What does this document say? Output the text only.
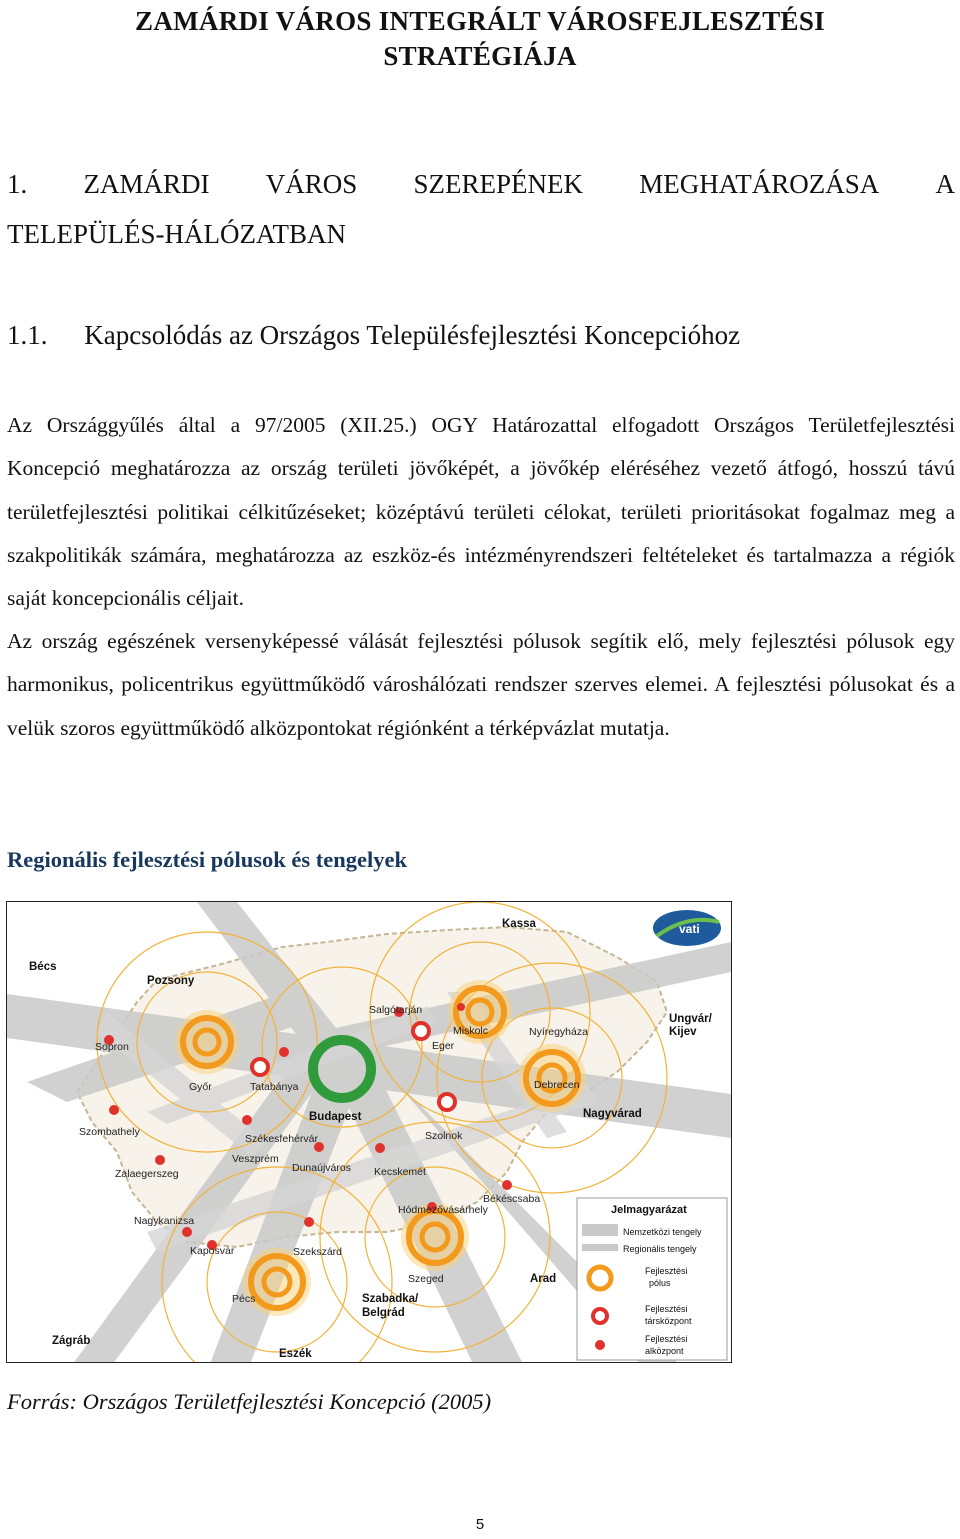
ZAMÁRDI VÁROS INTEGRÁLT VÁROSFEJLESZTÉSI
STRATÉGIÁJA
1. ZAMÁRDI VÁROS SZEREPÉNEK MEGHATÁROZÁSA A
TELEPÜLÉS-HÁLÓZATBAN
1.1. Kapcsolódás az Országos Településfejlesztési Koncepcióhoz
Az Országgyűlés által a 97/2005 (XII.25.) OGY Határozattal elfogadott Országos Területfejlesztési Koncepció meghatározza az ország területi jövőképét, a jövőkép eléréséhez vezető átfogó, hosszú távú területfejlesztési politikai célkitűzéseket; középtávú területi célokat, területi prioritásokat fogalmaz meg a szakpolitikák számára, meghatározza az eszköz-és intézményrendszeri feltételeket és tartalmazza a régiók saját koncepcionális céljait.
Az ország egészének versenyképessé válását fejlesztési pólusok segítik elő, mely fejlesztési pólusok egy harmonikus, policentrikus együttműködő városhálózati rendszer szerves elemei. A fejlesztési pólusokat és a velük szoros együttműködő alközpontokat régiónként a térképvázlat mutatja.
Regionális fejlesztési pólusok és tengelyek
vati
Kassa
Bécs
Pozsony
Ungvár/
Kijev
Sopron
Győr	Tatabánya
Salgótarján
Miskolc	Nyíregyháza
Eger
Debrecen
Budapest	Nagyvárad
Szombathely
Székesfehérvár	Szolnok
Veszprém
Zalaegerszeg	Dunaújváros Kecskemét
Békéscsaba
Hódmezővásárhely
Nagykanizsa
Kaposvár	Szekszárd
Szeged	Arad
Pécs	Szabadka/
Belgrád
Zágráb
Eszék
Jelmagyarázat
Nemzetközi tengely
Regionális tengely
Fejlesztési
pólus
Fejlesztési
társközpont
Fejlesztési
alközpont
Forrás: Országos Területfejlesztési Koncepció (2005)
5
